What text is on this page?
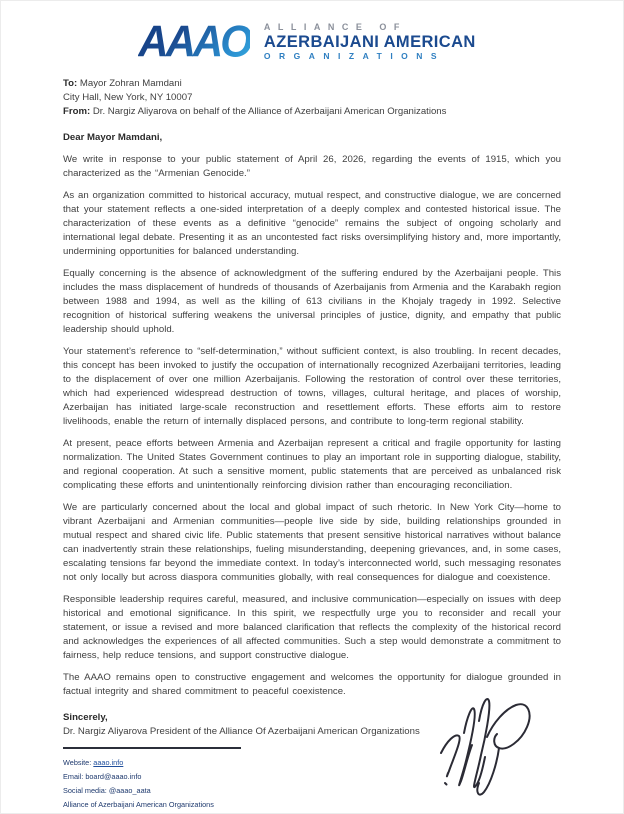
AAAO ALLIANCE OF
AZERBAIJANI AMERICAN
ORGANIZATIONS
To: Mayor Zohran Mamdani
City Hall, New York, NY 10007
From: Dr. Nargiz Aliyarova on behalf of the Alliance of Azerbaijani American Organizations
Dear Mayor Mamdani,

We write in response to your public statement of April 26, 2026, regarding the events of 1915, which you characterized as the “Armenian Genocide.”

As an organization committed to historical accuracy, mutual respect, and constructive dialogue, we are concerned that your statement reflects a one-sided interpretation of a deeply complex and contested historical issue. The characterization of these events as a definitive “genocide” remains the subject of ongoing scholarly and international legal debate. Presenting it as an uncontested fact risks oversimplifying history and, more importantly, undermining opportunities for balanced understanding.

Equally concerning is the absence of acknowledgment of the suffering endured by the Azerbaijani people. This includes the mass displacement of hundreds of thousands of Azerbaijanis from Armenia and the Karabakh region between 1988 and 1994, as well as the killing of 613 civilians in the Khojaly tragedy in 1992. Selective recognition of historical suffering weakens the universal principles of justice, dignity, and empathy that public leadership should uphold.

Your statement’s reference to “self-determination,” without sufficient context, is also troubling. In recent decades, this concept has been invoked to justify the occupation of internationally recognized Azerbaijani territories, leading to the displacement of over one million Azerbaijanis. Following the restoration of control over these territories, which had experienced widespread destruction of towns, villages, cultural heritage, and places of worship, Azerbaijan has initiated large-scale reconstruction and resettlement efforts. These efforts aim to restore livelihoods, enable the return of internally displaced persons, and contribute to long-term regional stability.

At present, peace efforts between Armenia and Azerbaijan represent a critical and fragile opportunity for lasting normalization. The United States Government continues to play an important role in supporting dialogue, stability, and regional cooperation. At such a sensitive moment, public statements that are perceived as unbalanced risk complicating these efforts and unintentionally reinforcing division rather than encouraging reconciliation.

We are particularly concerned about the local and global impact of such rhetoric. In New York City—home to vibrant Azerbaijani and Armenian communities—people live side by side, building relationships grounded in mutual respect and shared civic life. Public statements that present sensitive historical narratives without balance can inadvertently strain these relationships, fueling misunderstanding, deepening grievances, and, in some cases, escalating tensions far beyond the immediate context. In today’s interconnected world, such messaging resonates not only locally but across diaspora communities globally, with real consequences for dialogue and coexistence.

Responsible leadership requires careful, measured, and inclusive communication—especially on issues with deep historical and emotional significance. In this spirit, we respectfully urge you to reconsider and recall your statement, or issue a revised and more balanced clarification that reflects the complexity of the historical record and acknowledges the experiences of all affected communities. Such a step would demonstrate a commitment to fairness, help reduce tensions, and support constructive dialogue.

The AAAO remains open to constructive engagement and welcomes the opportunity for dialogue grounded in factual integrity and shared commitment to peaceful coexistence.

Sincerely,
Dr. Nargiz Aliyarova President of the Alliance Of Azerbaijani American Organizations
Website: aaao.info
Email: board@aaao.info
Social media: @aaao_aata
Alliance of Azerbaijani American Organizations
